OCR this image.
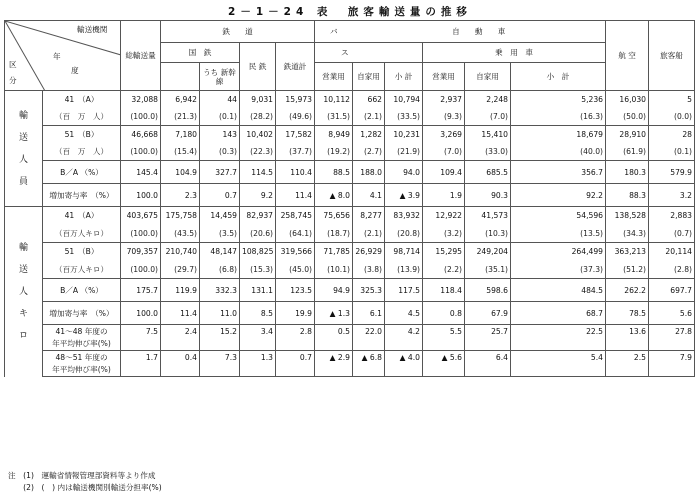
2－1－24 表　旅客輸送量の推移
輸送機関
年
度
区
分		総輸送量	鉄　　道				バ	自　　動　　車					航 空	旅客船	
			国　鉄		民 鉄	鉄道計	ス			乗　用　車	

				うち 新幹線			営業用	自家用	小 計	営業用	自家用	小　計			

輸
送
人
員	41　（A）	32,088	6,942	44	9,031	15,973	10,112	662	10,794	2,937	2,248	5,236	16,030	5	
	（百　万　人）	(100.0)	(21.3)	(0.1)	(28.2)	(49.6)	(31.5)	(2.1)	(33.5)	(9.3)	(7.0)	(16.3)	(50.0)	(0.0)	
	51　（B）	46,668	7,180	143	10,402	17,582	8,949	1,282	10,231	3,269	15,410	18,679	28,910	28	
	（百　万　人）	(100.0)	(15.4)	(0.3)	(22.3)	(37.7)	(19.2)	(2.7)	(21.9)	(7.0)	(33.0)	(40.0)	(61.9)	(0.1)	
	B／A （%）	145.4	104.9	327.7	114.5	110.4	88.5	188.0	94.0	109.4	685.5	356.7	180.3	579.9	
	増加寄与率　（%）	100.0	2.3	0.7	9.2	11.4	▲ 8.0	4.1	▲ 3.9	1.9	90.3	92.2	88.3	3.2	

輸
送
人
キ
ロ	41　（A）	403,675	175,758	14,459	82,937	258,745	75,656	8,277	83,932	12,922	41,573	54,596	138,528	2,883	
	（百万人キロ）	(100.0)	(43.5)	(3.5)	(20.6)	(64.1)	(18.7)	(2.1)	(20.8)	(3.2)	(10.3)	(13.5)	(34.3)	(0.7)	
	51　（B）	709,357	210,740	48,147	108,825	319,566	71,785	26,929	98,714	15,295	249,204	264,499	363,213	20,114	
	（百万人キロ）	(100.0)	(29.7)	(6.8)	(15.3)	(45.0)	(10.1)	(3.8)	(13.9)	(2.2)	(35.1)	(37.3)	(51.2)	(2.8)	
	B／A （%）	175.7	119.9	332.3	131.1	123.5	94.9	325.3	117.5	118.4	598.6	484.5	262.2	697.7	
	増加寄与率　（%）	100.0	11.4	11.0	8.5	19.9	▲ 1.3	6.1	4.5	0.8	67.9	68.7	78.5	5.6	
	41～48 年度の	7.5	2.4	15.2	3.4	2.8	0.5	22.0	4.2	5.5	25.7	22.5	13.6	27.8	
	年平均伸び率(%)														
	48～51 年度の	1.7	0.4	7.3	1.3	0.7	▲ 2.9	▲ 6.8	▲ 4.0	▲ 5.6	6.4	5.4	2.5	7.9	
	年平均伸び率(%)														
注　(1)　運輸省情報管理部資料等より作成
　　(2)　(　) 内は輸送機関別輸送分担率(%)
